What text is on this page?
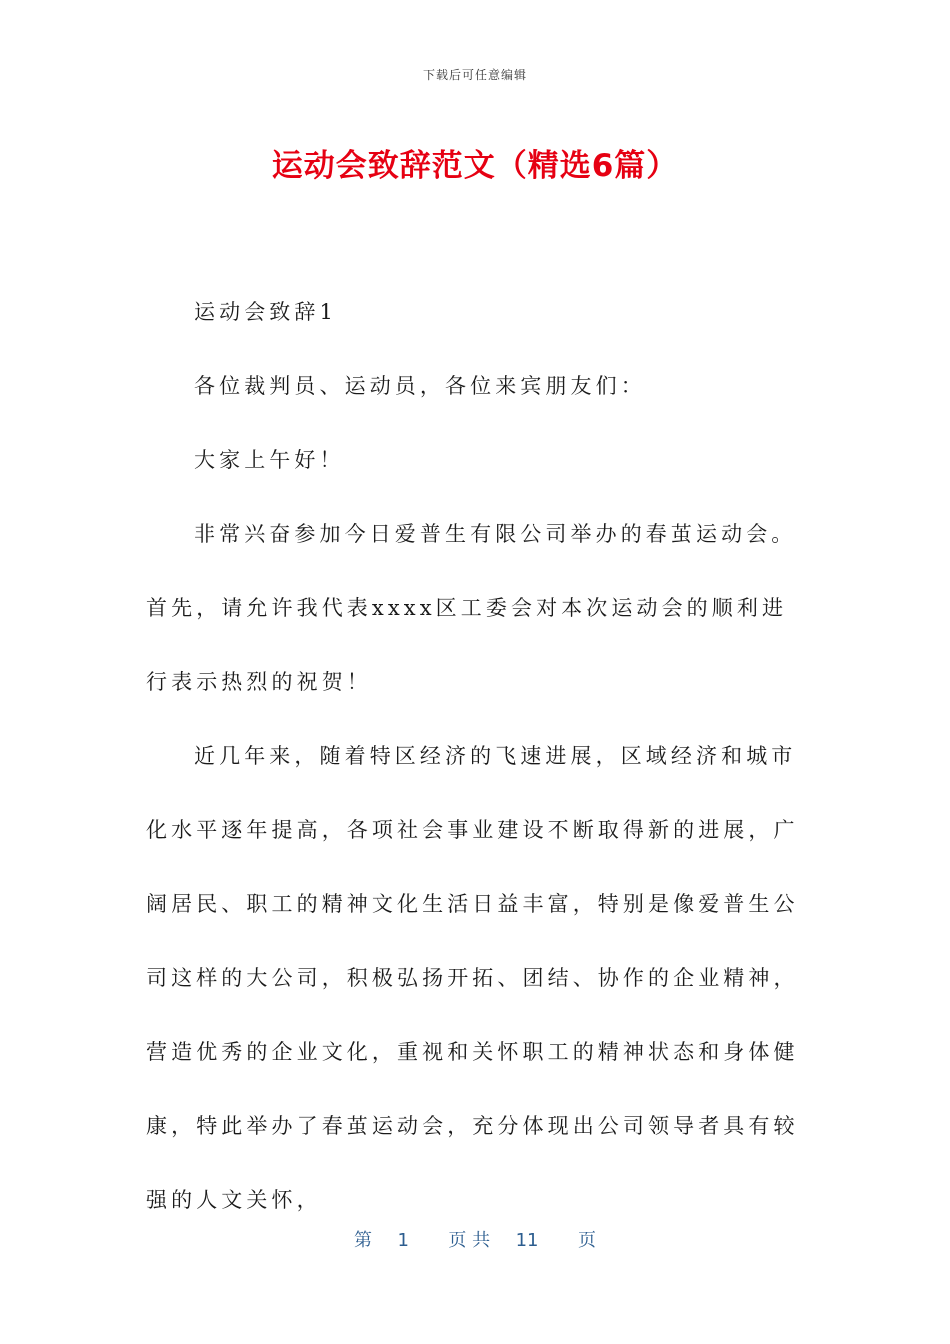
下载后可任意编辑
运动会致辞范文（精选6篇）

运动会致辞1

各位裁判员、运动员，各位来宾朋友们：

大家上午好！

非常兴奋参加今日爱普生有限公司举办的春茧运动会。首先，请允许我代表xxxx区工委会对本次运动会的顺利进行表示热烈的祝贺！

近几年来，随着特区经济的飞速进展，区域经济和城市化水平逐年提高，各项社会事业建设不断取得新的进展，广阔居民、职工的精神文化生活日益丰富，特别是像爱普生公司这样的大公司，积极弘扬开拓、团结、协作的企业精神，营造优秀的企业文化，重视和关怀职工的精神状态和身体健康，特此举办了春茧运动会，充分体现出公司领导者具有较强的人文关怀，

第 1 页 共 11 页
